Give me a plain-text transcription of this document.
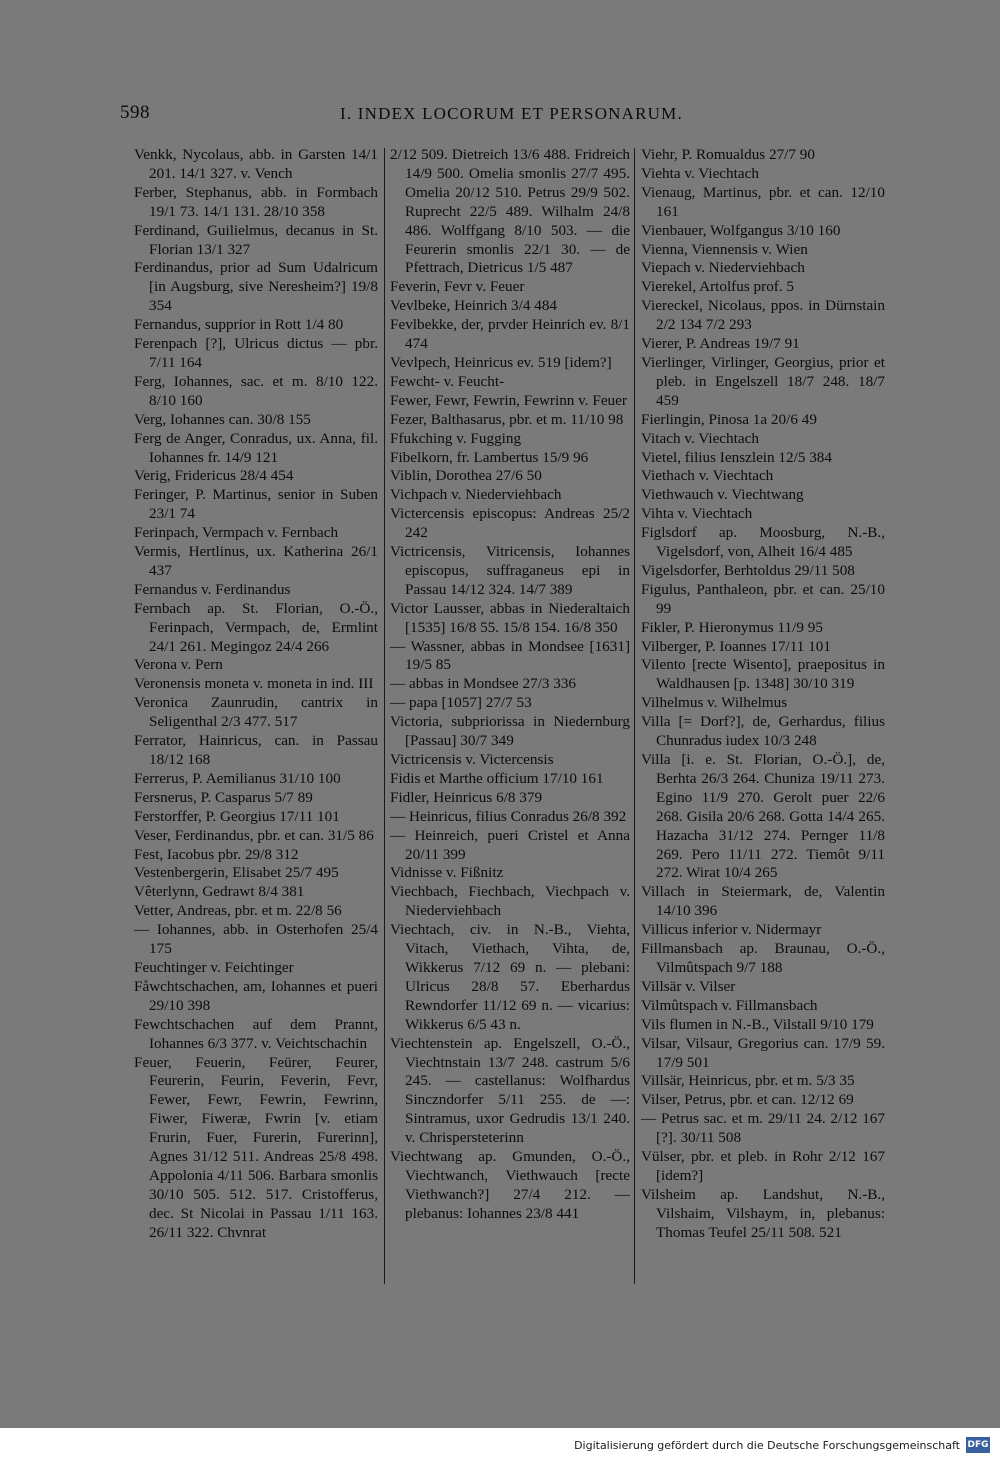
598	I. INDEX LOCORUM ET PERSONARUM.

Venkk, Nycolaus, abb. in Garsten 14/1 201. 14/1 327. v. Vench

Ferber, Stephanus, abb. in Formbach 19/1 73. 14/1 131. 28/10 358

Ferdinand, Guilielmus, decanus in St. Florian 13/1 327

Ferdinandus, prior ad Sum Udalricum [in Augsburg, sive Neresheim?] 19/8 354

Fernandus, supprior in Rott 1/4 80

Ferenpach [?], Ulricus dictus — pbr. 7/11 164

Ferg, Iohannes, sac. et m. 8/10 122. 8/10 160

Verg, Iohannes can. 30/8 155

Ferg de Anger, Conradus, ux. Anna, fil. Iohannes fr. 14/9 121

Verig, Fridericus 28/4 454

Feringer, P. Martinus, senior in Suben 23/1 74

Ferinpach, Vermpach v. Fernbach

Vermis, Hertlinus, ux. Katherina 26/1 437

Fernandus v. Ferdinandus

Fernbach ap. St. Florian, O.-Ö., Ferinpach, Vermpach, de, Ermlint 24/1 261. Megingoz 24/4 266

Verona v. Pern

Veronensis moneta v. moneta in ind. III

Veronica Zaunrudin, cantrix in Seligenthal 2/3 477. 517

Ferrator, Hainricus, can. in Passau 18/12 168

Ferrerus, P. Aemilianus 31/10 100

Fersnerus, P. Casparus 5/7 89

Ferstorffer, P. Georgius 17/11 101

Veser, Ferdinandus, pbr. et can. 31/5 86

Fest, Iacobus pbr. 29/8 312

Vestenbergerin, Elisabet 25/7 495

Vêterlynn, Gedrawt 8/4 381

Vetter, Andreas, pbr. et m. 22/8 56

— Iohannes, abb. in Osterhofen 25/4 175

Feuchtinger v. Feichtinger

Fåwchtschachen, am, Iohannes et pueri 29/10 398

Fewchtschachen auf dem Prannt, Iohannes 6/3 377. v. Veichtschachin

Feuer, Feuerin, Feürer, Feurer, Feurerin, Feurin, Feverin, Fevr, Fewer, Fewr, Fewrin, Fewrinn, Fiwer, Fiweræ, Fwrin [v. etiam Frurin, Fuer, Furerin, Furerinn], Agnes 31/12 511. Andreas 25/8 498. Appolonia 4/11 506. Barbara smonlis 30/10 505. 512. 517. Cristofferus, dec. St Nicolai in Passau 1/11 163. 26/11 322. Chvnrat

2/12 509. Dietreich 13/6 488. Fridreich 14/9 500. Omelia smonlis 27/7 495. Omelia 20/12 510. Petrus 29/9 502. Ruprecht 22/5 489. Wilhalm 24/8 486. Wolffgang 8/10 503. — die Feurerin smonlis 22/1 30. — de Pfettrach, Dietricus 1/5 487

Feverin, Fevr v. Feuer

Vevlbeke, Heinrich 3/4 484

Fevlbekke, der, prvder Heinrich ev. 8/1 474

Vevlpech, Heinricus ev. 519 [idem?]

Fewcht- v. Feucht-

Fewer, Fewr, Fewrin, Fewrinn v. Feuer

Fezer, Balthasarus, pbr. et m. 11/10 98

Ffukching v. Fugging

Fibelkorn, fr. Lambertus 15/9 96

Viblin, Dorothea 27/6 50

Vichpach v. Niederviehbach

Victercensis episcopus: Andreas 25/2 242

Victricensis, Vitricensis, Iohannes episcopus, suffraganeus epi in Passau 14/12 324. 14/7 389

Victor Lausser, abbas in Niederaltaich [1535] 16/8 55. 15/8 154. 16/8 350

— Wassner, abbas in Mondsee [1631] 19/5 85

— abbas in Mondsee 27/3 336

— papa [1057] 27/7 53

Victoria, subpriorissa in Niedernburg [Passau] 30/7 349

Victricensis v. Victercensis

Fidis et Marthe officium 17/10 161

Fidler, Heinricus 6/8 379

— Heinricus, filius Conradus 26/8 392

— Heinreich, pueri Cristel et Anna 20/11 399

Vidnisse v. Fißnitz

Viechbach, Fiechbach, Viechpach v. Niederviehbach

Viechtach, civ. in N.-B., Viehta, Vitach, Viethach, Vihta, de, Wikkerus 7/12 69 n. — plebani: Ulricus 28/8 57. Eberhardus Rewndorfer 11/12 69 n. — vicarius: Wikkerus 6/5 43 n.

Viechtenstein ap. Engelszell, O.-Ö., Viechtnstain 13/7 248. castrum 5/6 245. — castellanus: Wolfhardus Sinczndorfer 5/11 255. de —: Sintramus, uxor Gedrudis 13/1 240. v. Chrispersteterinn

Viechtwang ap. Gmunden, O.-Ö., Viechtwanch, Viethwauch [recte Viethwanch?] 27/4 212. — plebanus: Iohannes 23/8 441

Viehr, P. Romualdus 27/7 90

Viehta v. Viechtach

Vienaug, Martinus, pbr. et can. 12/10 161

Vienbauer, Wolfgangus 3/10 160

Vienna, Viennensis v. Wien

Viepach v. Niederviehbach

Vierekel, Artolfus prof. 5

Viereckel, Nicolaus, ppos. in Dürnstain 2/2 134 7/2 293

Vierer, P. Andreas 19/7 91

Vierlinger, Virlinger, Georgius, prior et pleb. in Engelszell 18/7 248. 18/7 459

Fierlingin, Pinosa 1a 20/6 49

Vitach v. Viechtach

Vietel, filius Ienszlein 12/5 384

Viethach v. Viechtach

Viethwauch v. Viechtwang

Vihta v. Viechtach

Figlsdorf ap. Moosburg, N.-B., Vigelsdorf, von, Alheit 16/4 485

Vigelsdorfer, Berhtoldus 29/11 508

Figulus, Panthaleon, pbr. et can. 25/10 99

Fikler, P. Hieronymus 11/9 95

Vilberger, P. Ioannes 17/11 101

Vilento [recte Wisento], praepositus in Waldhausen [p. 1348] 30/10 319

Vilhelmus v. Wilhelmus

Villa [= Dorf?], de, Gerhardus, filius Chunradus iudex 10/3 248

Villa [i. e. St. Florian, O.-Ö.], de, Berhta 26/3 264. Chuniza 19/11 273. Egino 11/9 270. Gerolt puer 22/6 268. Gisila 20/6 268. Gotta 14/4 265. Hazacha 31/12 274. Pernger 11/8 269. Pero 11/11 272. Tiemôt 9/11 272. Wirat 10/4 265

Villach in Steiermark, de, Valentin 14/10 396

Villicus inferior v. Nidermayr

Fillmansbach ap. Braunau, O.-Ö., Vilmûtspach 9/7 188

Villsär v. Vilser

Vilmûtspach v. Fillmansbach

Vils flumen in N.-B., Vilstall 9/10 179

Vilsar, Vilsaur, Gregorius can. 17/9 59. 17/9 501

Villsär, Heinricus, pbr. et m. 5/3 35

Vilser, Petrus, pbr. et can. 12/12 69

— Petrus sac. et m. 29/11 24. 2/12 167 [?]. 30/11 508

Vülser, pbr. et pleb. in Rohr 2/12 167 [idem?]

Vilsheim ap. Landshut, N.-B., Vilshaim, Vilshaym, in, plebanus: Thomas Teufel 25/11 508. 521

Digitalisierung gefördert durch die Deutsche Forschungsgemeinschaft DFG
